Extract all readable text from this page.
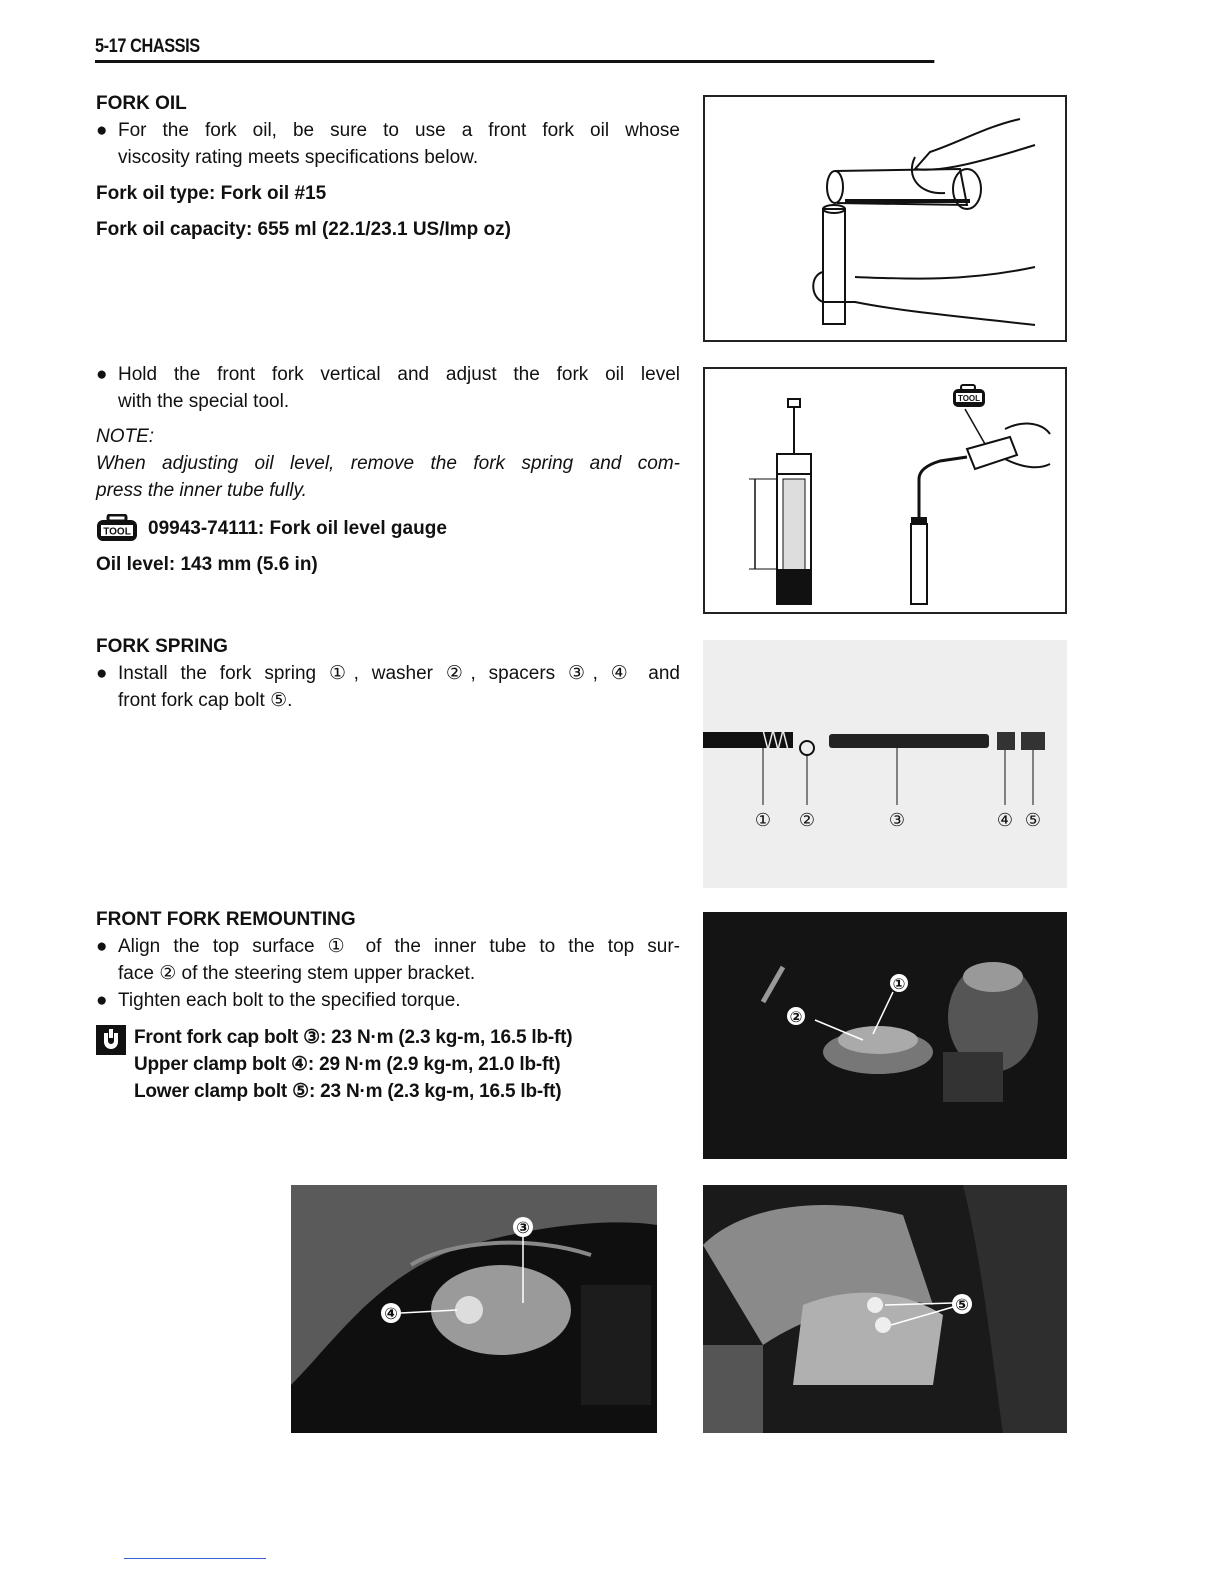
5-17 CHASSIS
FORK OIL
● For the fork oil, be sure to use a front fork oil whose
viscosity rating meets specifications below.
Fork oil type: Fork oil #15
Fork oil capacity: 655 ml (22.1/23.1 US/Imp oz)
● Hold the front fork vertical and adjust the fork oil level
with the special tool.
NOTE:
When adjusting oil level, remove the fork spring and com-
press the inner tube fully.
TOOL 09943-74111: Fork oil level gauge
Oil level: 143 mm (5.6 in)
FORK SPRING
● Install the fork spring ①, washer ②, spacers ③, ④ and
front fork cap bolt ⑤.
FRONT FORK REMOUNTING
● Align the top surface ① of the inner tube to the top sur-
face ② of the steering stem upper bracket.
● Tighten each bolt to the specified torque.
Front fork cap bolt ③: 23 N·m (2.3 kg-m, 16.5 lb-ft)
Upper clamp bolt ④: 29 N·m (2.9 kg-m, 21.0 lb-ft)
Lower clamp bolt ⑤: 23 N·m (2.3 kg-m, 16.5 lb-ft)
TOOL
① ②	③	④ ⑤
①
②
③
④	⑤
